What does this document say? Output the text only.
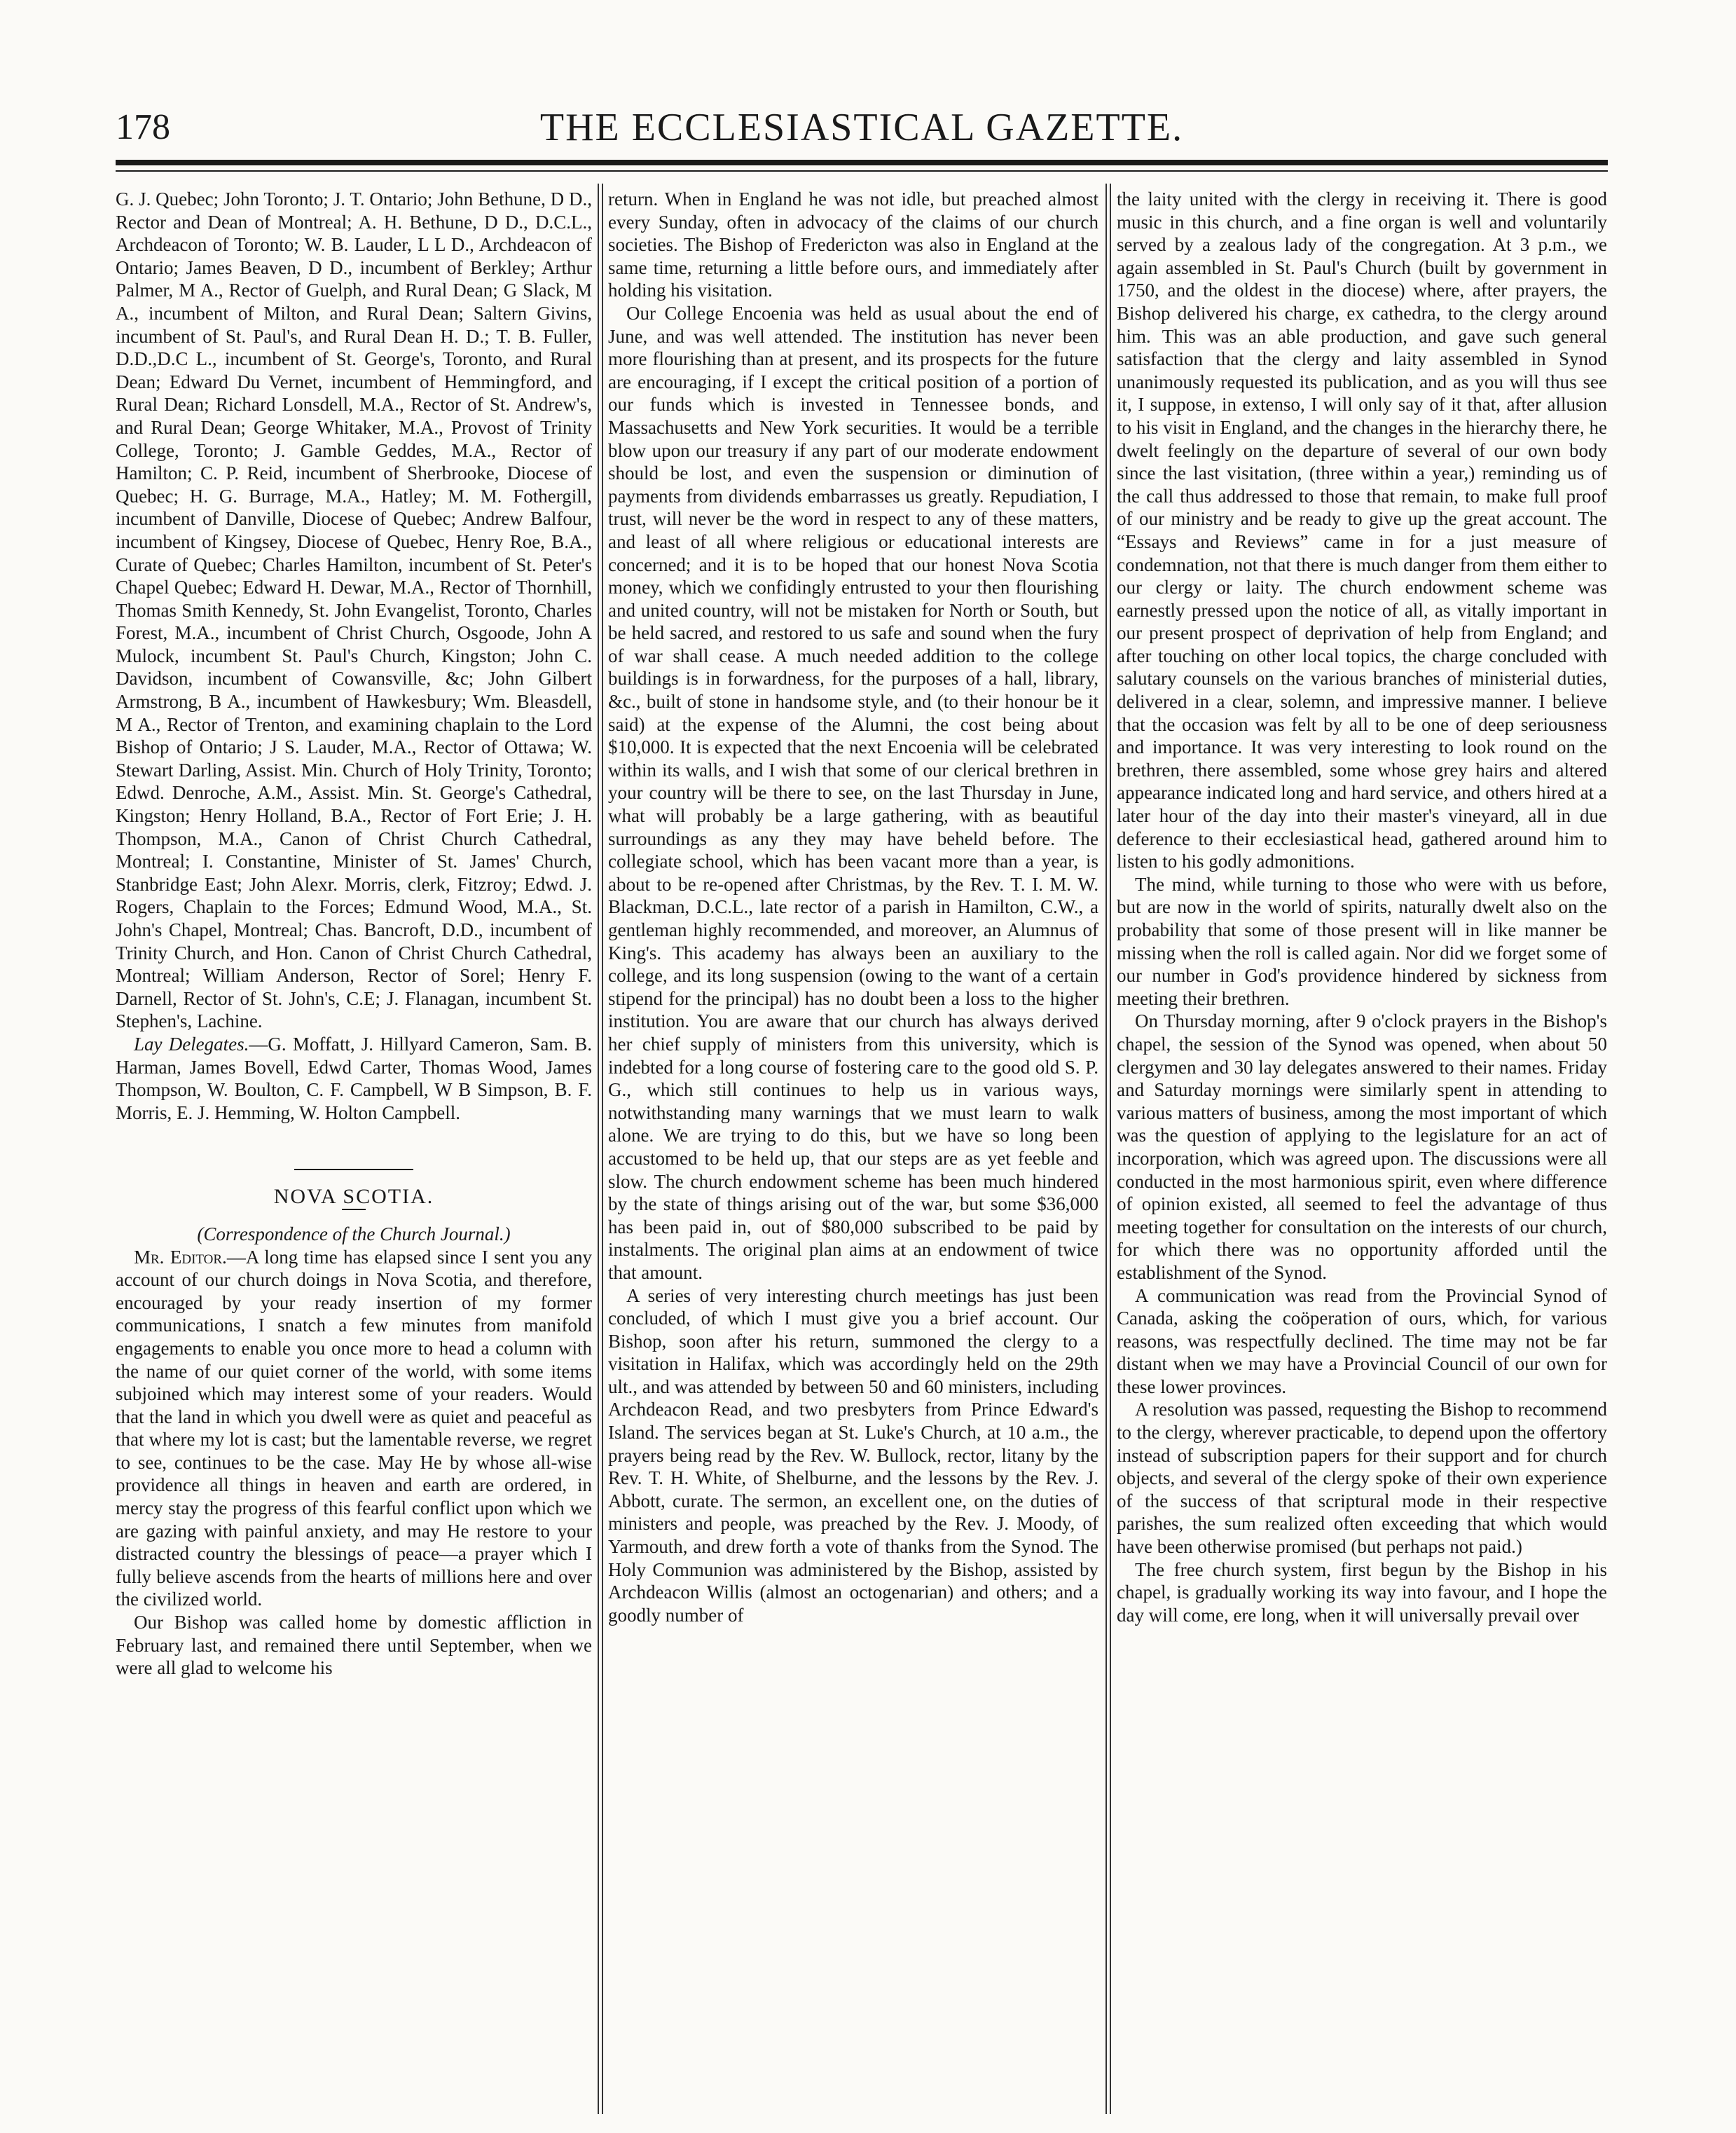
178	THE ECCLESIASTICAL GAZETTE.

G. J. Quebec; John Toronto; J. T. Ontario; John Bethune, D D., Rector and Dean of Montreal; A. H. Bethune, D D., D.C.L., Archdeacon of Toronto; W. B. Lauder, L L D., Archdeacon of Ontario; James Beaven, D D., incumbent of Berkley; Arthur Palmer, M A., Rector of Guelph, and Rural Dean; G Slack, M A., incumbent of Milton, and Rural Dean; Saltern Givins, incumbent of St. Paul's, and Rural Dean H. D.; T. B. Fuller, D.D.,D.C L., incumbent of St. George's, Toronto, and Rural Dean; Edward Du Vernet, incumbent of Hemmingford, and Rural Dean; Richard Lonsdell, M.A., Rector of St. Andrew's, and Rural Dean; George Whitaker, M.A., Provost of Trinity College, Toronto; J. Gamble Geddes, M.A., Rector of Hamilton; C. P. Reid, incumbent of Sherbrooke, Diocese of Quebec; H. G. Burrage, M.A., Hatley; M. M. Fothergill, incumbent of Danville, Diocese of Quebec; Andrew Balfour, incumbent of Kingsey, Diocese of Quebec, Henry Roe, B.A., Curate of Quebec; Charles Hamilton, incumbent of St. Peter's Chapel Quebec; Edward H. Dewar, M.A., Rector of Thornhill, Thomas Smith Kennedy, St. John Evangelist, Toronto, Charles Forest, M.A., incumbent of Christ Church, Osgoode, John A Mulock, incumbent St. Paul's Church, Kingston; John C. Davidson, incumbent of Cowansville, &c; John Gilbert Armstrong, B A., incumbent of Hawkesbury; Wm. Bleasdell, M A., Rector of Trenton, and examining chaplain to the Lord Bishop of Ontario; J S. Lauder, M.A., Rector of Ottawa; W. Stewart Darling, Assist. Min. Church of Holy Trinity, Toronto; Edwd. Denroche, A.M., Assist. Min. St. George's Cathedral, Kingston; Henry Holland, B.A., Rector of Fort Erie; J. H. Thompson, M.A., Canon of Christ Church Cathedral, Montreal; I. Constantine, Minister of St. James' Church, Stanbridge East; John Alexr. Morris, clerk, Fitzroy; Edwd. J. Rogers, Chaplain to the Forces; Edmund Wood, M.A., St. John's Chapel, Montreal; Chas. Bancroft, D.D., incumbent of Trinity Church, and Hon. Canon of Christ Church Cathedral, Montreal; William Anderson, Rector of Sorel; Henry F. Darnell, Rector of St. John's, C.E; J. Flanagan, incumbent St. Stephen's, Lachine.

Lay Delegates.—G. Moffatt, J. Hillyard Cameron, Sam. B. Harman, James Bovell, Edwd Carter, Thomas Wood, James Thompson, W. Boulton, C. F. Campbell, W B Simpson, B. F. Morris, E. J. Hemming, W. Holton Campbell.

NOVA SCOTIA.

(Correspondence of the Church Journal.)

Mr. Editor.—A long time has elapsed since I sent you any account of our church doings in Nova Scotia, and therefore, encouraged by your ready insertion of my former communications, I snatch a few minutes from manifold engagements to enable you once more to head a column with the name of our quiet corner of the world, with some items subjoined which may interest some of your readers. Would that the land in which you dwell were as quiet and peaceful as that where my lot is cast; but the lamentable reverse, we regret to see, continues to be the case. May He by whose all-wise providence all things in heaven and earth are ordered, in mercy stay the progress of this fearful conflict upon which we are gazing with painful anxiety, and may He restore to your distracted country the blessings of peace—a prayer which I fully believe ascends from the hearts of millions here and over the civilized world.

Our Bishop was called home by domestic affliction in February last, and remained there until September, when we were all glad to welcome his

return. When in England he was not idle, but preached almost every Sunday, often in advocacy of the claims of our church societies. The Bishop of Fredericton was also in England at the same time, returning a little before ours, and immediately after holding his visitation.

Our College Encoenia was held as usual about the end of June, and was well attended. The institution has never been more flourishing than at present, and its prospects for the future are encouraging, if I except the critical position of a portion of our funds which is invested in Tennessee bonds, and Massachusetts and New York securities. It would be a terrible blow upon our treasury if any part of our moderate endowment should be lost, and even the suspension or diminution of payments from dividends embarrasses us greatly. Repudiation, I trust, will never be the word in respect to any of these matters, and least of all where religious or educational interests are concerned; and it is to be hoped that our honest Nova Scotia money, which we confidingly entrusted to your then flourishing and united country, will not be mistaken for North or South, but be held sacred, and restored to us safe and sound when the fury of war shall cease. A much needed addition to the college buildings is in forwardness, for the purposes of a hall, library, &c., built of stone in handsome style, and (to their honour be it said) at the expense of the Alumni, the cost being about $10,000. It is expected that the next Encoenia will be celebrated within its walls, and I wish that some of our clerical brethren in your country will be there to see, on the last Thursday in June, what will probably be a large gathering, with as beautiful surroundings as any they may have beheld before. The collegiate school, which has been vacant more than a year, is about to be re-opened after Christmas, by the Rev. T. I. M. W. Blackman, D.C.L., late rector of a parish in Hamilton, C.W., a gentleman highly recommended, and moreover, an Alumnus of King's. This academy has always been an auxiliary to the college, and its long suspension (owing to the want of a certain stipend for the principal) has no doubt been a loss to the higher institution. You are aware that our church has always derived her chief supply of ministers from this university, which is indebted for a long course of fostering care to the good old S. P. G., which still continues to help us in various ways, notwithstanding many warnings that we must learn to walk alone. We are trying to do this, but we have so long been accustomed to be held up, that our steps are as yet feeble and slow. The church endowment scheme has been much hindered by the state of things arising out of the war, but some $36,000 has been paid in, out of $80,000 subscribed to be paid by instalments. The original plan aims at an endowment of twice that amount.

A series of very interesting church meetings has just been concluded, of which I must give you a brief account. Our Bishop, soon after his return, summoned the clergy to a visitation in Halifax, which was accordingly held on the 29th ult., and was attended by between 50 and 60 ministers, including Archdeacon Read, and two presbyters from Prince Edward's Island. The services began at St. Luke's Church, at 10 a.m., the prayers being read by the Rev. W. Bullock, rector, litany by the Rev. T. H. White, of Shelburne, and the lessons by the Rev. J. Abbott, curate. The sermon, an excellent one, on the duties of ministers and people, was preached by the Rev. J. Moody, of Yarmouth, and drew forth a vote of thanks from the Synod. The Holy Communion was administered by the Bishop, assisted by Archdeacon Willis (almost an octogenarian) and others; and a goodly number of

the laity united with the clergy in receiving it. There is good music in this church, and a fine organ is well and voluntarily served by a zealous lady of the congregation. At 3 p.m., we again assembled in St. Paul's Church (built by government in 1750, and the oldest in the diocese) where, after prayers, the Bishop delivered his charge, ex cathedra, to the clergy around him. This was an able production, and gave such general satisfaction that the clergy and laity assembled in Synod unanimously requested its publication, and as you will thus see it, I suppose, in extenso, I will only say of it that, after allusion to his visit in England, and the changes in the hierarchy there, he dwelt feelingly on the departure of several of our own body since the last visitation, (three within a year,) reminding us of the call thus addressed to those that remain, to make full proof of our ministry and be ready to give up the great account. The “Essays and Reviews” came in for a just measure of condemnation, not that there is much danger from them either to our clergy or laity. The church endowment scheme was earnestly pressed upon the notice of all, as vitally important in our present prospect of deprivation of help from England; and after touching on other local topics, the charge concluded with salutary counsels on the various branches of ministerial duties, delivered in a clear, solemn, and impressive manner. I believe that the occasion was felt by all to be one of deep seriousness and importance. It was very interesting to look round on the brethren, there assembled, some whose grey hairs and altered appearance indicated long and hard service, and others hired at a later hour of the day into their master's vineyard, all in due deference to their ecclesiastical head, gathered around him to listen to his godly admonitions.

The mind, while turning to those who were with us before, but are now in the world of spirits, naturally dwelt also on the probability that some of those present will in like manner be missing when the roll is called again. Nor did we forget some of our number in God's providence hindered by sickness from meeting their brethren.

On Thursday morning, after 9 o'clock prayers in the Bishop's chapel, the session of the Synod was opened, when about 50 clergymen and 30 lay delegates answered to their names. Friday and Saturday mornings were similarly spent in attending to various matters of business, among the most important of which was the question of applying to the legislature for an act of incorporation, which was agreed upon. The discussions were all conducted in the most harmonious spirit, even where difference of opinion existed, all seemed to feel the advantage of thus meeting together for consultation on the interests of our church, for which there was no opportunity afforded until the establishment of the Synod.

A communication was read from the Provincial Synod of Canada, asking the coöperation of ours, which, for various reasons, was respectfully declined. The time may not be far distant when we may have a Provincial Council of our own for these lower provinces.

A resolution was passed, requesting the Bishop to recommend to the clergy, wherever practicable, to depend upon the offertory instead of subscription papers for their support and for church objects, and several of the clergy spoke of their own experience of the success of that scriptural mode in their respective parishes, the sum realized often exceeding that which would have been otherwise promised (but perhaps not paid.)

The free church system, first begun by the Bishop in his chapel, is gradually working its way into favour, and I hope the day will come, ere long, when it will universally prevail over
